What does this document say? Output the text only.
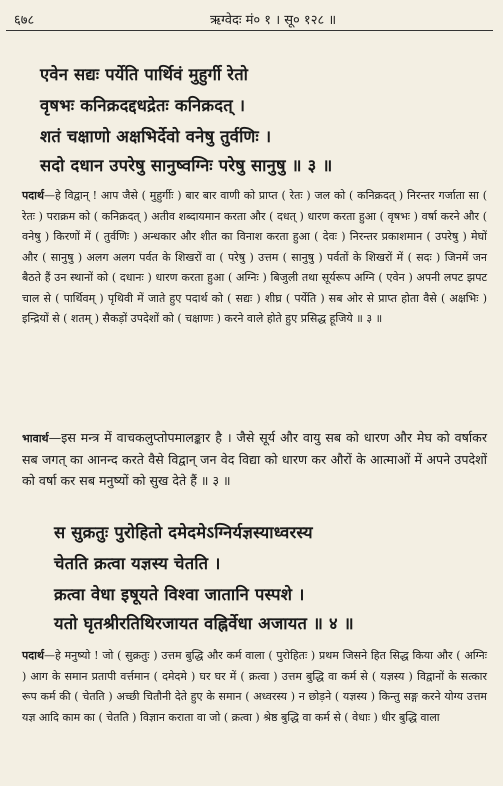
६७८	ऋग्वेदः मं० १ । सू० १२८ ॥
एवेन सद्यः पर्येति पार्थिवं मुहुर्गी रेतो
वृषभः कनिक्रदद्दधद्रेतः कनिक्रदत् ।
शतं चक्षाणो अक्षभिर्देवो वनेषु तुर्वणिः ।
सदो दधान उपरेषु सानुष्वग्निः परेषु सानुषु ॥ ३ ॥
पदार्थ—हे विद्वान् ! आप जैसे ( मुहुर्गीः ) बार बार वाणी को प्राप्त ( रेतः ) जल को ( कनिक्रदत् ) निरन्तर गर्जाता सा ( रेतः ) पराक्रम को ( कनिक्रदत् ) अतीव शब्दायमान करता और ( दधत् ) धारण करता हुआ ( वृषभः ) वर्षा करने और ( वनेषु ) किरणों में ( तुर्वणिः ) अन्धकार और शीत का विनाश करता हुआ ( देवः ) निरन्तर प्रकाशमान ( उपरेषु ) मेघों और ( सानुषु ) अलग अलग पर्वत के शिखरों वा ( परेषु ) उत्तम ( सानुषु ) पर्वतों के शिखरों में ( सदः ) जिनमें जन बैठते हैं उन स्थानों को ( दधानः ) धारण करता हुआ ( अग्निः ) बिजुली तथा सूर्यरूप अग्नि ( एवेन ) अपनी लपट झपट चाल से ( पार्थिवम् ) पृथिवी में जाते हुए पदार्थ को ( सद्यः ) शीघ्र ( पर्येति ) सब ओर से प्राप्त होता वैसे ( अक्षभिः ) इन्द्रियों से ( शतम् ) सैकड़ों उपदेशों को ( चक्षाणः ) करने वाले होते हुए प्रसिद्ध हूजिये ॥ ३ ॥
भावार्थ—इस मन्त्र में वाचकलुप्तोपमालङ्कार है । जैसे सूर्य और वायु सब को धारण और मेघ को वर्षाकर सब जगत् का आनन्द करते वैसे विद्वान् जन वेद विद्या को धारण कर औरों के आत्माओं में अपने उपदेशों को वर्षा कर सब मनुष्यों को सुख देते हैं ॥ ३ ॥
स सुक्रतुः पुरोहितो दमेदमेऽग्निर्यज्ञस्याध्वरस्य
चेतति क्रत्वा यज्ञस्य चेतति ।
क्रत्वा वेधा इषूयते विश्वा जातानि पस्पशे ।
यतो घृतश्रीरतिथिरजायत वह्निर्वेधा अजायत ॥ ४ ॥
पदार्थ—हे मनुष्यो ! जो ( सुक्रतुः ) उत्तम बुद्धि और कर्म वाला ( पुरोहितः ) प्रथम जिसने हित सिद्ध किया और ( अग्निः ) आग के समान प्रतापी वर्त्तमान ( दमेदमे ) घर घर में ( क्रत्वा ) उत्तम बुद्धि वा कर्म से ( यज्ञस्य ) विद्वानों के सत्कार रूप कर्म की ( चेतति ) अच्छी चितौनी देते हुए के समान ( अध्वरस्य ) न छोड़ने ( यज्ञस्य ) किन्तु सङ्ग करने योग्य उत्तम यज्ञ आदि काम का ( चेतति ) विज्ञान कराता वा जो ( क्रत्वा ) श्रेष्ठ बुद्धि वा कर्म से ( वेधाः ) धीर बुद्धि वाला
